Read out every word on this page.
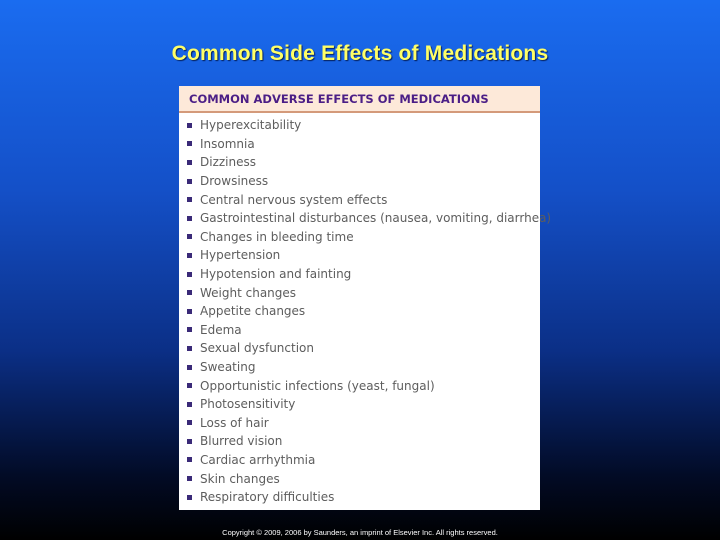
Common Side Effects of Medications
COMMON ADVERSE EFFECTS OF MEDICATIONS
Hyperexcitability
Insomnia
Dizziness
Drowsiness
Central nervous system effects
Gastrointestinal disturbances (nausea, vomiting, diarrhea)
Changes in bleeding time
Hypertension
Hypotension and fainting
Weight changes
Appetite changes
Edema
Sexual dysfunction
Sweating
Opportunistic infections (yeast, fungal)
Photosensitivity
Loss of hair
Blurred vision
Cardiac arrhythmia
Skin changes
Respiratory difficulties
Copyright © 2009, 2006 by Saunders, an imprint of Elsevier Inc. All rights reserved.
